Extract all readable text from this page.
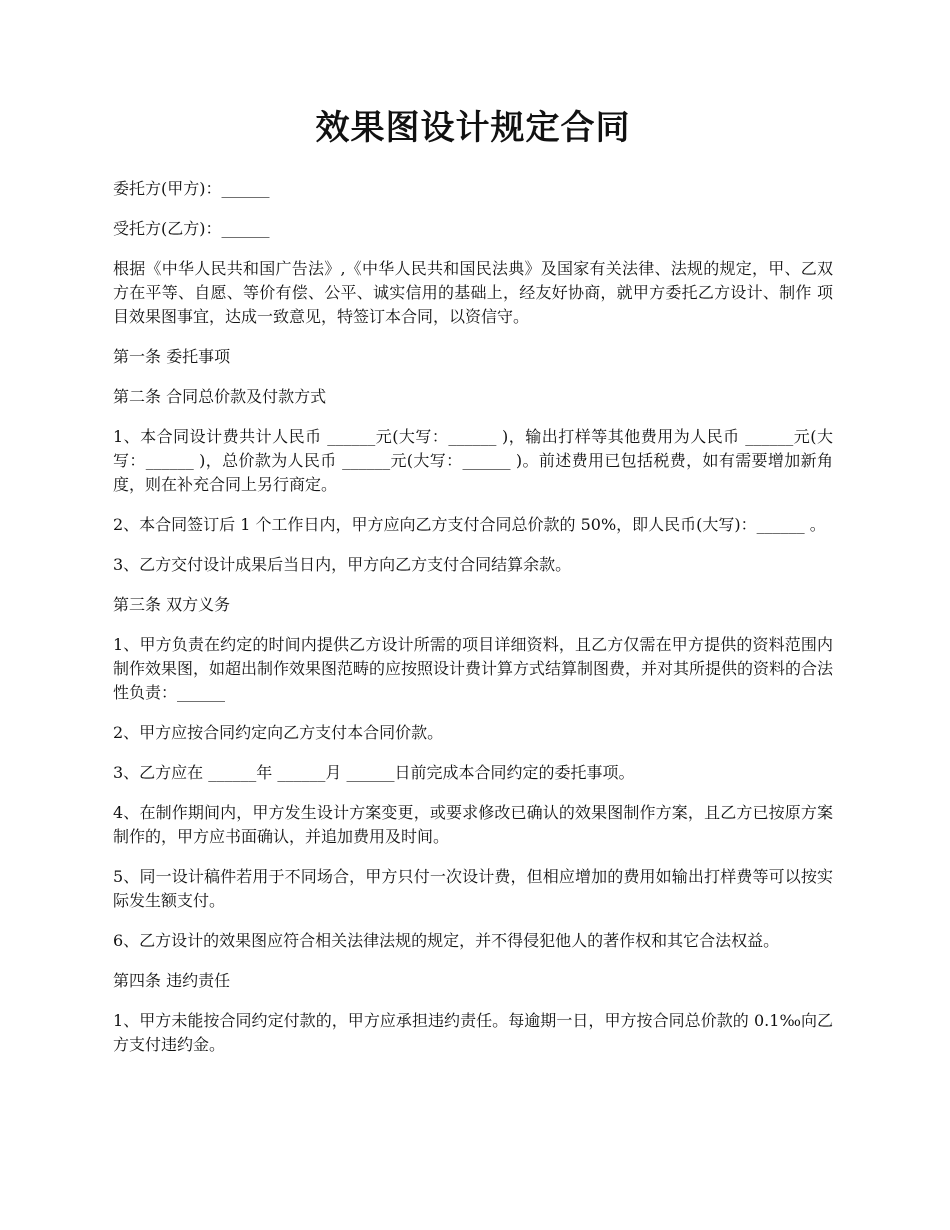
效果图设计规定合同

委托方(甲方)：______

受托方(乙方)：______

根据《中华人民共和国广告法》,《中华人民共和国民法典》及国家有关法律、法规的规定，甲、乙双方在平等、自愿、等价有偿、公平、诚实信用的基础上，经友好协商，就甲方委托乙方设计、制作 项目效果图事宜，达成一致意见，特签订本合同，以资信守。

第一条 委托事项

第二条 合同总价款及付款方式

1、本合同设计费共计人民币 ______元(大写：______ )，输出打样等其他费用为人民币 ______元(大写：______ )，总价款为人民币 ______元(大写：______ )。前述费用已包括税费，如有需要增加新角度，则在补充合同上另行商定。

2、本合同签订后 1 个工作日内，甲方应向乙方支付合同总价款的 50%，即人民币(大写)：______ 。

3、乙方交付设计成果后当日内，甲方向乙方支付合同结算余款。

第三条 双方义务

1、甲方负责在约定的时间内提供乙方设计所需的项目详细资料，且乙方仅需在甲方提供的资料范围内制作效果图，如超出制作效果图范畴的应按照设计费计算方式结算制图费，并对其所提供的资料的合法性负责：______

2、甲方应按合同约定向乙方支付本合同价款。

3、乙方应在 ______年 ______月 ______日前完成本合同约定的委托事项。

4、在制作期间内，甲方发生设计方案变更，或要求修改已确认的效果图制作方案，且乙方已按原方案制作的，甲方应书面确认，并追加费用及时间。

5、同一设计稿件若用于不同场合，甲方只付一次设计费，但相应增加的费用如输出打样费等可以按实际发生额支付。

6、乙方设计的效果图应符合相关法律法规的规定，并不得侵犯他人的著作权和其它合法权益。

第四条 违约责任

1、甲方未能按合同约定付款的，甲方应承担违约责任。每逾期一日，甲方按合同总价款的 0.1‰向乙方支付违约金。
